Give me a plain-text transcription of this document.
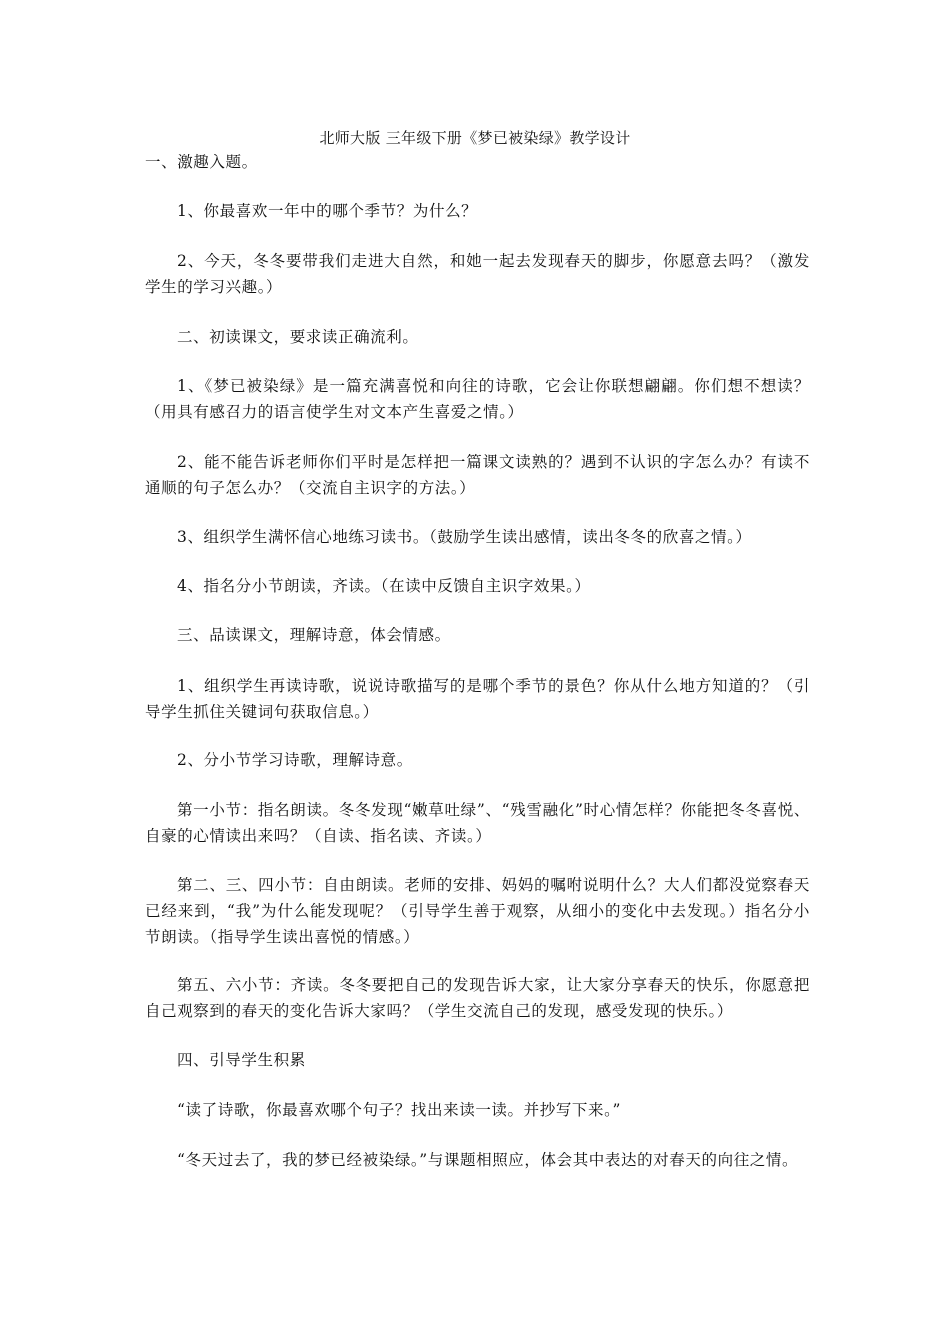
北师大版 三年级下册《梦已被染绿》教学设计

一、激趣入题。

1、你最喜欢一年中的哪个季节？为什么？

2、今天，冬冬要带我们走进大自然，和她一起去发现春天的脚步，你愿意去吗？（激发学生的学习兴趣。）

二、初读课文，要求读正确流利。

1、《梦已被染绿》是一篇充满喜悦和向往的诗歌，它会让你联想翩翩。你们想不想读？（用具有感召力的语言使学生对文本产生喜爱之情。）

2、能不能告诉老师你们平时是怎样把一篇课文读熟的？遇到不认识的字怎么办？有读不通顺的句子怎么办？（交流自主识字的方法。）

3、组织学生满怀信心地练习读书。（鼓励学生读出感情，读出冬冬的欣喜之情。）

4、指名分小节朗读，齐读。（在读中反馈自主识字效果。）

三、品读课文，理解诗意，体会情感。

1、组织学生再读诗歌，说说诗歌描写的是哪个季节的景色？你从什么地方知道的？（引导学生抓住关键词句获取信息。）

2、分小节学习诗歌，理解诗意。

第一小节：指名朗读。冬冬发现“嫩草吐绿”、“残雪融化”时心情怎样？你能把冬冬喜悦、自豪的心情读出来吗？（自读、指名读、齐读。）

第二、三、四小节：自由朗读。老师的安排、妈妈的嘱咐说明什么？大人们都没觉察春天已经来到，“我”为什么能发现呢？（引导学生善于观察，从细小的变化中去发现。）指名分小节朗读。（指导学生读出喜悦的情感。）

第五、六小节：齐读。冬冬要把自己的发现告诉大家，让大家分享春天的快乐，你愿意把自己观察到的春天的变化告诉大家吗？（学生交流自己的发现，感受发现的快乐。）

四、引导学生积累

“读了诗歌，你最喜欢哪个句子？找出来读一读。并抄写下来。”

“冬天过去了，我的梦已经被染绿。”与课题相照应，体会其中表达的对春天的向往之情。
